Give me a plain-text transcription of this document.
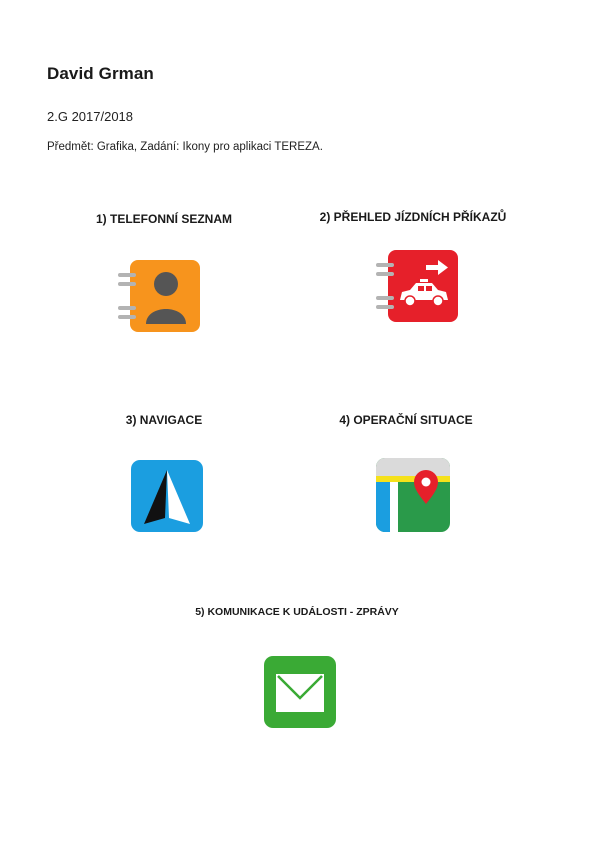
David Grman
2.G 2017/2018
Předmět: Grafika, Zadání: Ikony pro aplikaci TEREZA.
1) TELEFONNÍ SEZNAM	2) PŘEHLED JÍZDNÍCH PŘÍKAZŮ
3) NAVIGACE	4) OPERAČNÍ SITUACE
5) KOMUNIKACE K UDÁLOSTI - ZPRÁVY
